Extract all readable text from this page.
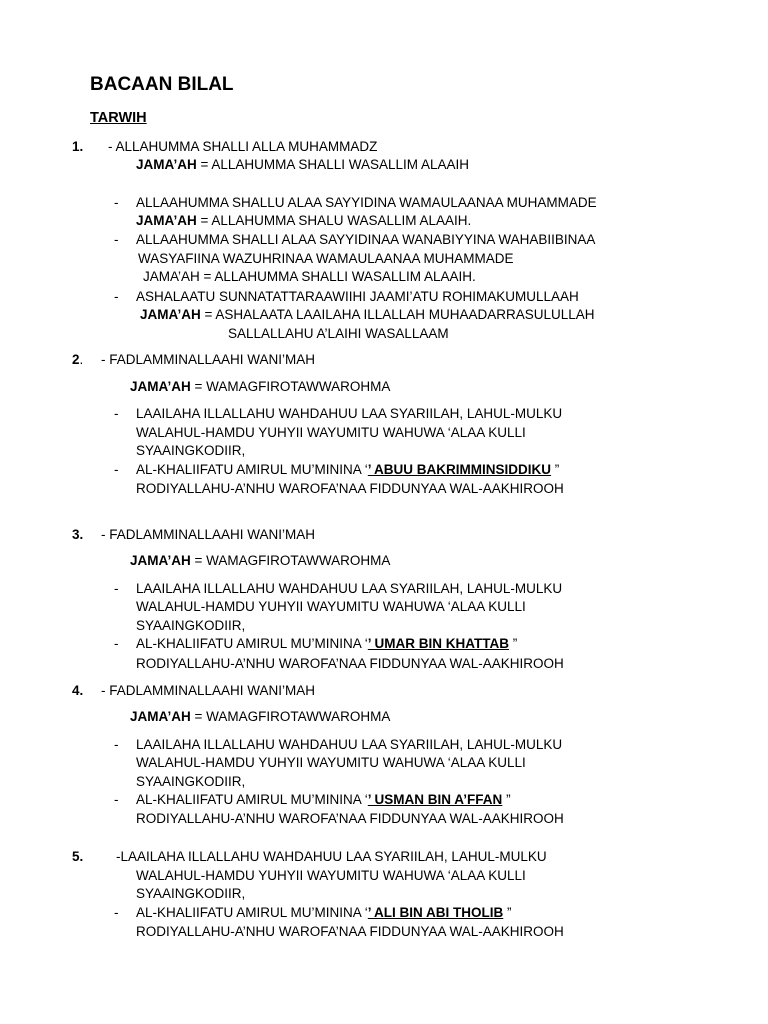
BACAAN BILAL
TARWIH
1. - ALLAHUMMA SHALLI ALLA MUHAMMADZ
JAMA’AH = ALLAHUMMA SHALLI WASALLIM ALAAIH
- ALLAAHUMMA SHALLU ALAA SAYYIDINA WAMAULAANAA MUHAMMADE
JAMA’AH = ALLAHUMMA SHALU WASALLIM ALAAIH.
- ALLAAHUMMA SHALLI ALAA SAYYIDINAA WANABIYYINA WAHABIIBINAA
WASYAFIINA WAZUHRINAA WAMAULAANAA MUHAMMADE
JAMA’AH = ALLAHUMMA SHALLI WASALLIM ALAAIH.
- ASHALAATU SUNNATATTARAAWIIHI JAAMI’ATU ROHIMAKUMULLAAH
JAMA’AH = ASHALAATA LAAILAHA ILLALLAH MUHAADARRASULULLAH
SALLALLAHU A’LAIHI WASALLAAM
2. - FADLAMMINALLAAHI WANI’MAH
JAMA’AH = WAMAGFIROTAWWAROHMA
- LAAILAHA ILLALLAHU WAHDAHUU LAA SYARIILAH, LAHUL-MULKU
WALAHUL-HAMDU YUHYII WAYUMITU WAHUWA ‘ALAA KULLI
SYAAINGKODIIR,
- AL-KHALIIFATU AMIRUL MU’MININA ‘’ ABUU BAKRIMMINSIDDIKU ”
RODIYALLAHU-A’NHU WAROFA’NAA FIDDUNYAA WAL-AAKHIROOH
3. - FADLAMMINALLAAHI WANI’MAH
JAMA’AH = WAMAGFIROTAWWAROHMA
- LAAILAHA ILLALLAHU WAHDAHUU LAA SYARIILAH, LAHUL-MULKU
WALAHUL-HAMDU YUHYII WAYUMITU WAHUWA ‘ALAA KULLI
SYAAINGKODIIR,
- AL-KHALIIFATU AMIRUL MU’MININA ‘’ UMAR BIN KHATTAB ”
RODIYALLAHU-A’NHU WAROFA’NAA FIDDUNYAA WAL-AAKHIROOH
4. - FADLAMMINALLAAHI WANI’MAH
JAMA’AH = WAMAGFIROTAWWAROHMA
- LAAILAHA ILLALLAHU WAHDAHUU LAA SYARIILAH, LAHUL-MULKU
WALAHUL-HAMDU YUHYII WAYUMITU WAHUWA ‘ALAA KULLI
SYAAINGKODIIR,
- AL-KHALIIFATU AMIRUL MU’MININA ‘’ USMAN BIN A’FFAN ”
RODIYALLAHU-A’NHU WAROFA’NAA FIDDUNYAA WAL-AAKHIROOH
5. -LAAILAHA ILLALLAHU WAHDAHUU LAA SYARIILAH, LAHUL-MULKU
WALAHUL-HAMDU YUHYII WAYUMITU WAHUWA ‘ALAA KULLI
SYAAINGKODIIR,
- AL-KHALIIFATU AMIRUL MU’MININA ‘’ ALI BIN ABI THOLIB ”
RODIYALLAHU-A’NHU WAROFA’NAA FIDDUNYAA WAL-AAKHIROOH
